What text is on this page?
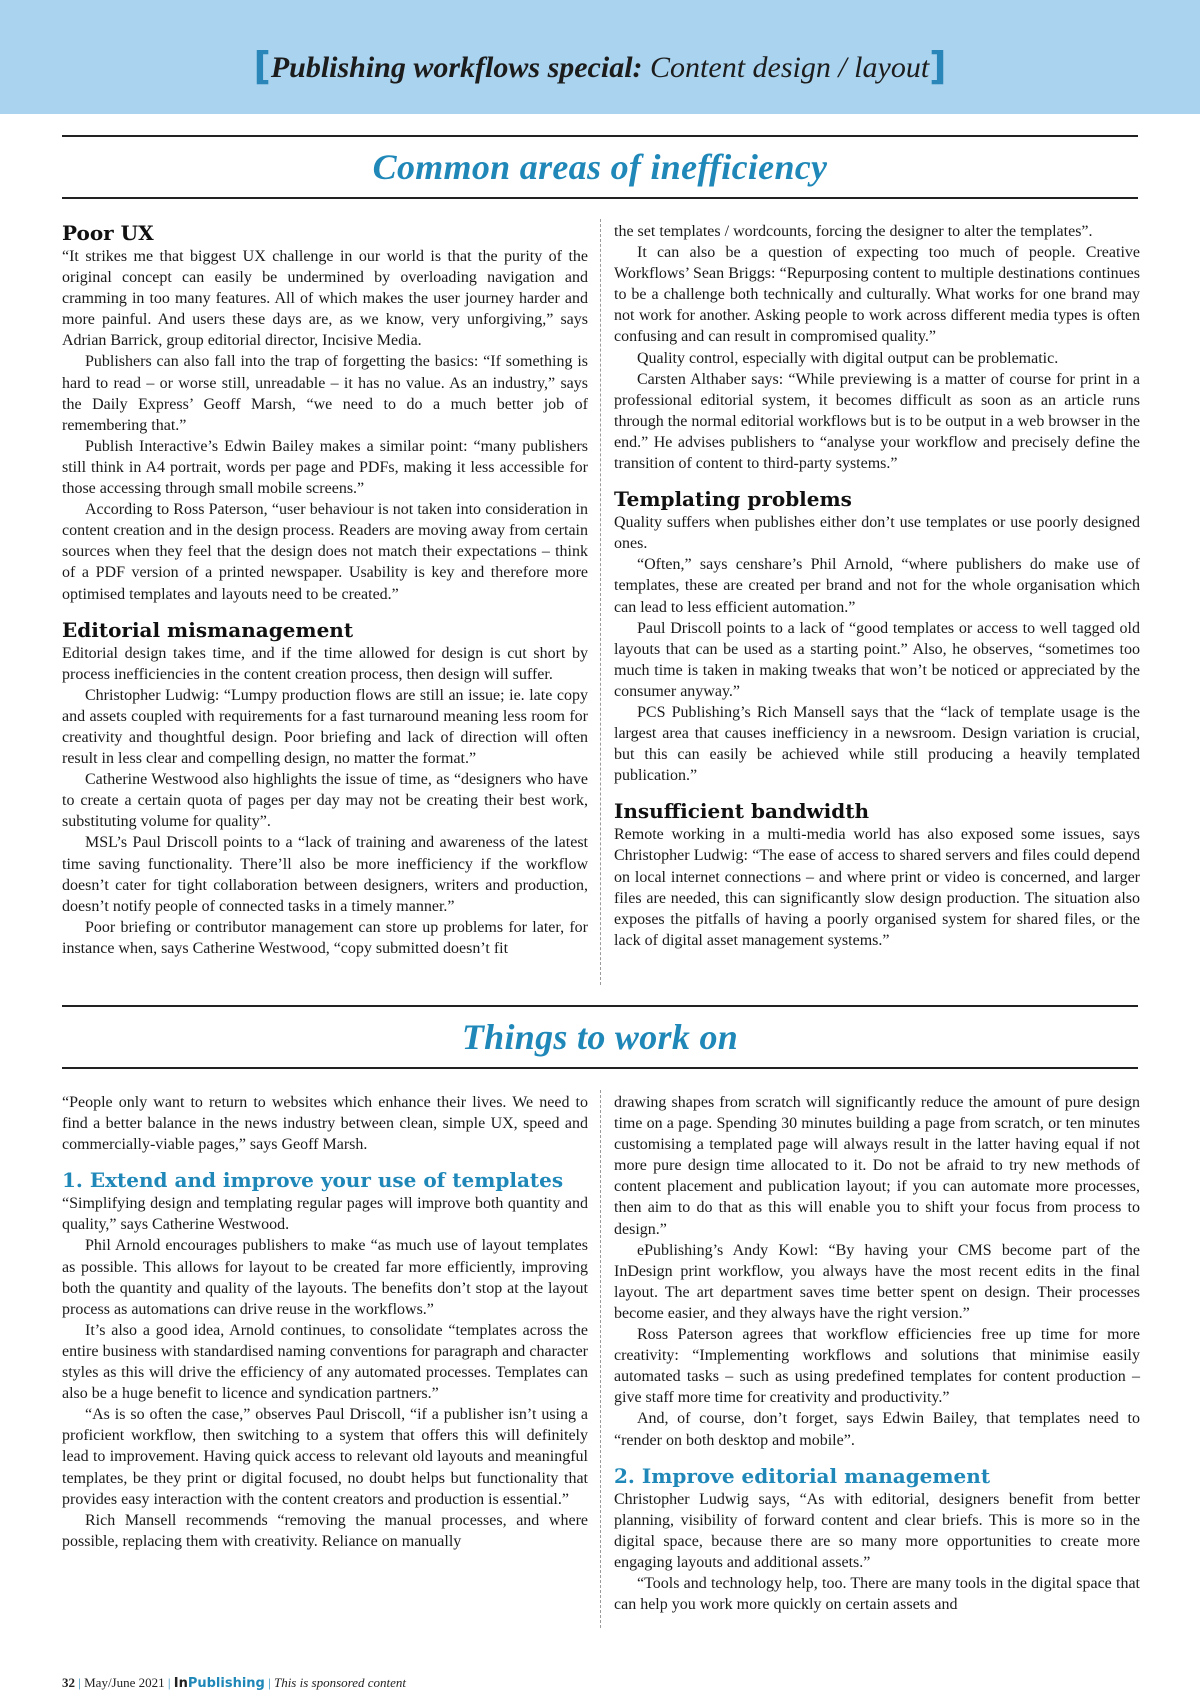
[Publishing workflows special: Content design / layout]
Common areas of inefficiency
Poor UX

“It strikes me that biggest UX challenge in our world is that the purity of the original concept can easily be undermined by overloading navigation and cramming in too many features. All of which makes the user journey harder and more painful. And users these days are, as we know, very unforgiving,” says Adrian Barrick, group editorial director, Incisive Media.

Publishers can also fall into the trap of forgetting the basics: “If something is hard to read – or worse still, unreadable – it has no value. As an industry,” says the Daily Express’ Geoff Marsh, “we need to do a much better job of remembering that.”

Publish Interactive’s Edwin Bailey makes a similar point: “many publishers still think in A4 portrait, words per page and PDFs, making it less accessible for those accessing through small mobile screens.”

According to Ross Paterson, “user behaviour is not taken into consideration in content creation and in the design process. Readers are moving away from certain sources when they feel that the design does not match their expectations – think of a PDF version of a printed newspaper. Usability is key and therefore more optimised templates and layouts need to be created.”

Editorial mismanagement

Editorial design takes time, and if the time allowed for design is cut short by process inefficiencies in the content creation process, then design will suffer.

Christopher Ludwig: “Lumpy production flows are still an issue; ie. late copy and assets coupled with requirements for a fast turnaround meaning less room for creativity and thoughtful design. Poor briefing and lack of direction will often result in less clear and compelling design, no matter the format.”

Catherine Westwood also highlights the issue of time, as “designers who have to create a certain quota of pages per day may not be creating their best work, substituting volume for quality”.

MSL’s Paul Driscoll points to a “lack of training and awareness of the latest time saving functionality. There’ll also be more inefficiency if the workflow doesn’t cater for tight collaboration between designers, writers and production, doesn’t notify people of connected tasks in a timely manner.”

Poor briefing or contributor management can store up problems for later, for instance when, says Catherine Westwood, “copy submitted doesn’t fit

the set templates / wordcounts, forcing the designer to alter the templates”.

It can also be a question of expecting too much of people. Creative Workflows’ Sean Briggs: “Repurposing content to multiple destinations continues to be a challenge both technically and culturally. What works for one brand may not work for another. Asking people to work across different media types is often confusing and can result in compromised quality.”

Quality control, especially with digital output can be problematic.

Carsten Althaber says: “While previewing is a matter of course for print in a professional editorial system, it becomes difficult as soon as an article runs through the normal editorial workflows but is to be output in a web browser in the end.” He advises publishers to “analyse your workflow and precisely define the transition of content to third-party systems.”

Templating problems

Quality suffers when publishes either don’t use templates or use poorly designed ones.

“Often,” says censhare’s Phil Arnold, “where publishers do make use of templates, these are created per brand and not for the whole organisation which can lead to less efficient automation.”

Paul Driscoll points to a lack of “good templates or access to well tagged old layouts that can be used as a starting point.” Also, he observes, “sometimes too much time is taken in making tweaks that won’t be noticed or appreciated by the consumer anyway.”

PCS Publishing’s Rich Mansell says that the “lack of template usage is the largest area that causes inefficiency in a newsroom. Design variation is crucial, but this can easily be achieved while still producing a heavily templated publication.”

Insufficient bandwidth

Remote working in a multi-media world has also exposed some issues, says Christopher Ludwig: “The ease of access to shared servers and files could depend on local internet connections – and where print or video is concerned, and larger files are needed, this can significantly slow design production. The situation also exposes the pitfalls of having a poorly organised system for shared files, or the lack of digital asset management systems.”

Things to work on

“People only want to return to websites which enhance their lives. We need to find a better balance in the news industry between clean, simple UX, speed and commercially-viable pages,” says Geoff Marsh.

1. Extend and improve your use of templates

“Simplifying design and templating regular pages will improve both quantity and quality,” says Catherine Westwood.

Phil Arnold encourages publishers to make “as much use of layout templates as possible. This allows for layout to be created far more efficiently, improving both the quantity and quality of the layouts. The benefits don’t stop at the layout process as automations can drive reuse in the workflows.”

It’s also a good idea, Arnold continues, to consolidate “templates across the entire business with standardised naming conventions for paragraph and character styles as this will drive the efficiency of any automated processes. Templates can also be a huge benefit to licence and syndication partners.”

“As is so often the case,” observes Paul Driscoll, “if a publisher isn’t using a proficient workflow, then switching to a system that offers this will definitely lead to improvement. Having quick access to relevant old layouts and meaningful templates, be they print or digital focused, no doubt helps but functionality that provides easy interaction with the content creators and production is essential.”

Rich Mansell recommends “removing the manual processes, and where possible, replacing them with creativity. Reliance on manually

drawing shapes from scratch will significantly reduce the amount of pure design time on a page. Spending 30 minutes building a page from scratch, or ten minutes customising a templated page will always result in the latter having equal if not more pure design time allocated to it. Do not be afraid to try new methods of content placement and publication layout; if you can automate more processes, then aim to do that as this will enable you to shift your focus from process to design.”

ePublishing’s Andy Kowl: “By having your CMS become part of the InDesign print workflow, you always have the most recent edits in the final layout. The art department saves time better spent on design. Their processes become easier, and they always have the right version.”

Ross Paterson agrees that workflow efficiencies free up time for more creativity: “Implementing workflows and solutions that minimise easily automated tasks – such as using predefined templates for content production – give staff more time for creativity and productivity.”

And, of course, don’t forget, says Edwin Bailey, that templates need to “render on both desktop and mobile”.

2. Improve editorial management

Christopher Ludwig says, “As with editorial, designers benefit from better planning, visibility of forward content and clear briefs. This is more so in the digital space, because there are so many more opportunities to create more engaging layouts and additional assets.”

“Tools and technology help, too. There are many tools in the digital space that can help you work more quickly on certain assets and

32 | May/June 2021 | InPublishing | This is sponsored content
